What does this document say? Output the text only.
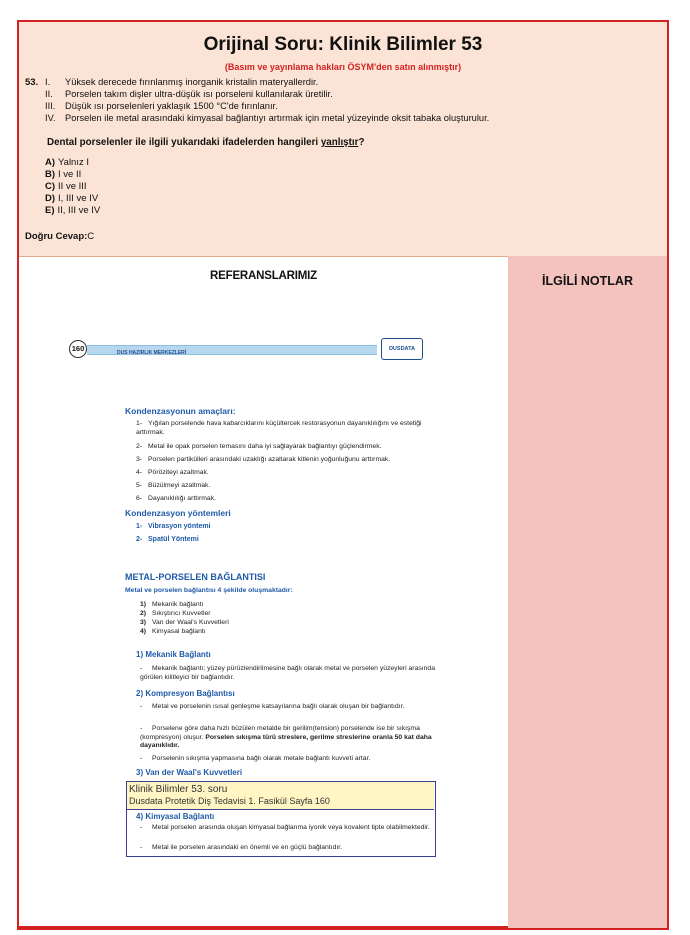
Orijinal Soru: Klinik Bilimler 53
(Basım ve yayınlama hakları ÖSYM'den satın alınmıştır)
53. I. Yüksek derecede fırınlanmış inorganik kristalin materyallerdir.
II. Porselen takım dişler ultra-düşük ısı porseleni kullanılarak üretilir.
III. Düşük ısı porselenleri yaklaşık 1500 °C'de fırınlanır.
IV. Porselen ile metal arasındaki kimyasal bağlantıyı artırmak için metal yüzeyinde oksit tabaka oluşturulur.
Dental porselenler ile ilgili yukarıdaki ifadelerden hangileri yanlıştır?
A) Yalnız I
B) I ve II
C) II ve III
D) I, III ve IV
E) II, III ve IV
Doğru Cevap:C
REFERANSLARIMIZ	İLGİLİ NOTLAR
160	DUS HAZIRLIK MERKEZLERİ
DUSDATA
Kondenzasyonun amaçları:
1- Yığılan porselende hava kabarcıklarını küçültercek restorasyonun dayanıklılığını ve estetiği arttırmak.
2- Metal ile opak porselen temasını daha iyi sağlayarak bağlantıyı güçlendirmek.
3- Porselen partikülleri arasındaki uzaklığı azaltarak kitlenin yoğunluğunu arttırmak.
4- Pöröziteyi azaltmak.
5- Büzülmeyi azaltmak.
6- Dayanıklılığı arttırmak.
Kondenzasyon yöntemleri
1- Vibrasyon yöntemi
2- Spatül Yöntemi
METAL-PORSELEN BAĞLANTISI
Metal ve porselen bağlantısı 4 şekilde oluşmaktadır:
1) Mekanik bağlantı
2) Sıkıştırıcı Kuvvetler
3) Van der Waal's Kuvvetleri
4) Kimyasal bağlantı
1) Mekanik Bağlantı
- Mekanik bağlantı; yüzey pürüzlendirilmesine bağlı olarak metal ve porselen yüzeyleri arasında görülen kilitleyici bir bağlantıdır.
2) Kompresyon Bağlantısı
- Metal ve porselenin ısısal genleşme katsayılarına bağlı olarak oluşan bir bağlantıdır.
- Porselene göre daha hızlı büzülen metalde bir gerilim(tension) porselende ise bir sıkışma (kompresyon) oluşur. Porselen sıkışma türü streslere, gerilme streslerine oranla 50 kat daha dayanıklıdır.
- Porselenin sıkışma yapmasına bağlı olarak metale bağlantı kuvveti artar.
3) Van der Waal's Kuvvetleri
Klinik Bilimler 53. soru
Dusdata Protetik Diş Tedavisi 1. Fasikül Sayfa 160
4) Kimyasal Bağlantı
- Metal porselen arasında oluşan kimyasal bağlanma iyonik veya kovalent tipte olabilmektedir.
- Metal ile porselen arasındaki en önemli ve en güçlü bağlantıdır.
